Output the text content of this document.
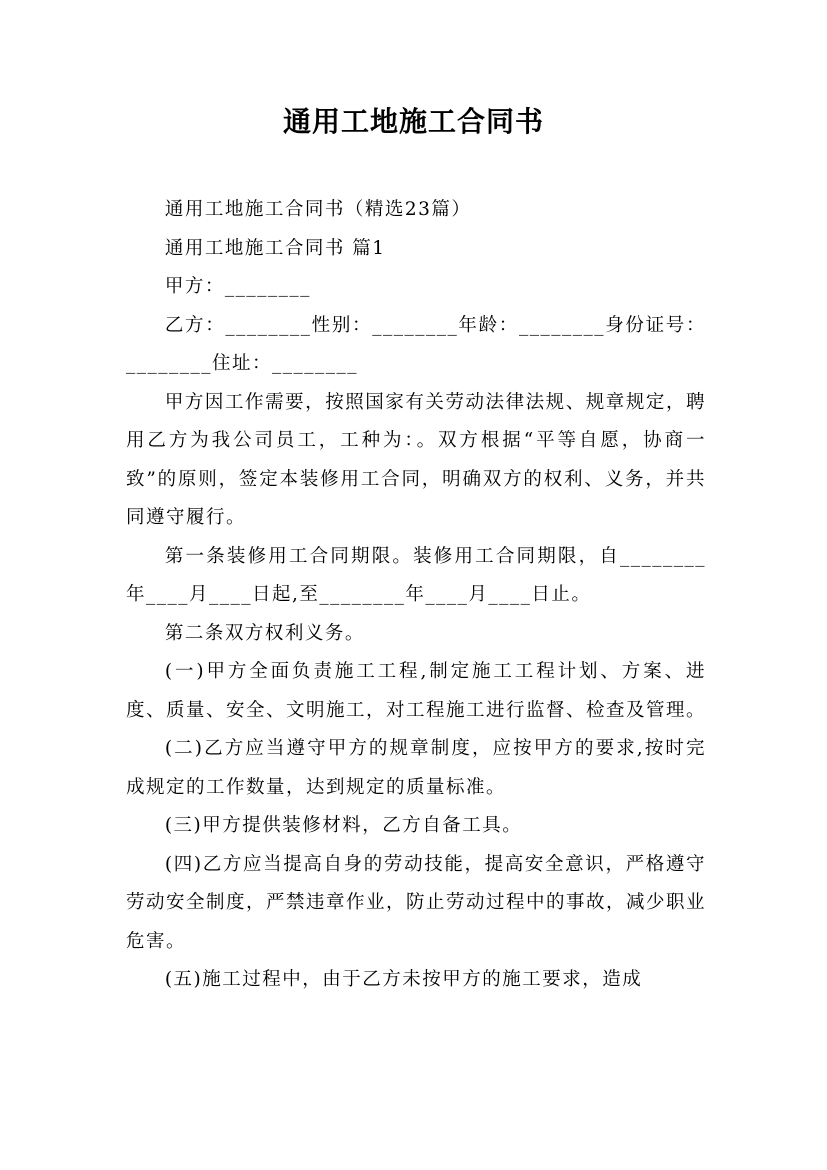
通用工地施工合同书

通用工地施工合同书（精选23篇）

通用工地施工合同书 篇1

甲方：________

乙方：________性别：________年龄：________身份证号：________住址：________

甲方因工作需要，按照国家有关劳动法律法规、规章规定，聘用乙方为我公司员工，工种为：。双方根据“平等自愿，协商一致”的原则，签定本装修用工合同，明确双方的权利、义务，并共同遵守履行。

第一条装修用工合同期限。装修用工合同期限，自________年____月____日起,至________年____月____日止。

第二条双方权利义务。

(一)甲方全面负责施工工程,制定施工工程计划、方案、进度、质量、安全、文明施工，对工程施工进行监督、检查及管理。

(二)乙方应当遵守甲方的规章制度，应按甲方的要求,按时完成规定的工作数量，达到规定的质量标准。

(三)甲方提供装修材料，乙方自备工具。

(四)乙方应当提高自身的劳动技能，提高安全意识，严格遵守劳动安全制度，严禁违章作业，防止劳动过程中的事故，减少职业危害。

(五)施工过程中，由于乙方未按甲方的施工要求，造成
